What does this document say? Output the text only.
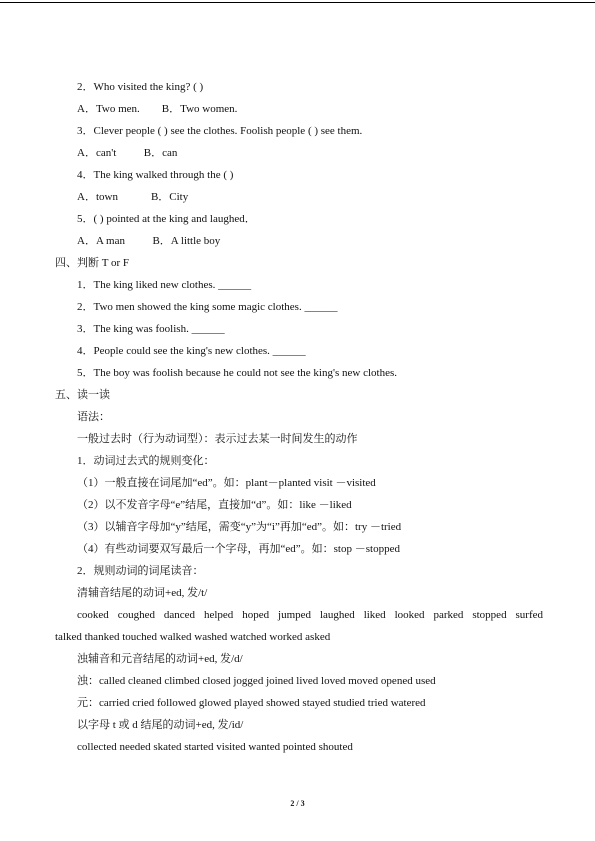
2．Who visited the king? ( )
A．Two men.        B．Two women.
3．Clever people ( ) see the clothes. Foolish people ( ) see them.
A．can't          B．can
4．The king walked through the ( )
A．town            B．City
5．( ) pointed at the king and laughed．
A．A man          B．A little boy
四、判断 T or F
1．The king liked new clothes. ______
2．Two men showed the king some magic clothes. ______
3．The king was foolish. ______
4．People could see the king's new clothes. ______
5．The boy was foolish because he could not see the king's new clothes.
五、读一读
语法：
一般过去时（行为动词型）：表示过去某一时间发生的动作
1．动词过去式的规则变化：
（1）一般直接在词尾加“ed”。如：plant－planted visit －visited
（2）以不发音字母“e”结尾，直接加“d”。如：like －liked
（3）以辅音字母加“y”结尾，需变“y”为“i”再加“ed”。如：try －tried
（4）有些动词要双写最后一个字母，再加“ed”。如：stop －stopped
2．规则动词的词尾读音：
清辅音结尾的动词+ed, 发/t/
cooked coughed danced helped hoped jumped laughed liked looked parked stopped surfed
talked thanked touched walked washed watched worked asked
浊辅音和元音结尾的动词+ed, 发/d/
浊：called cleaned climbed closed jogged joined lived loved moved opened used
元：carried cried followed glowed played showed stayed studied tried watered
以字母 t 或 d 结尾的动词+ed, 发/id/
collected needed skated started visited wanted pointed shouted
2 / 3
